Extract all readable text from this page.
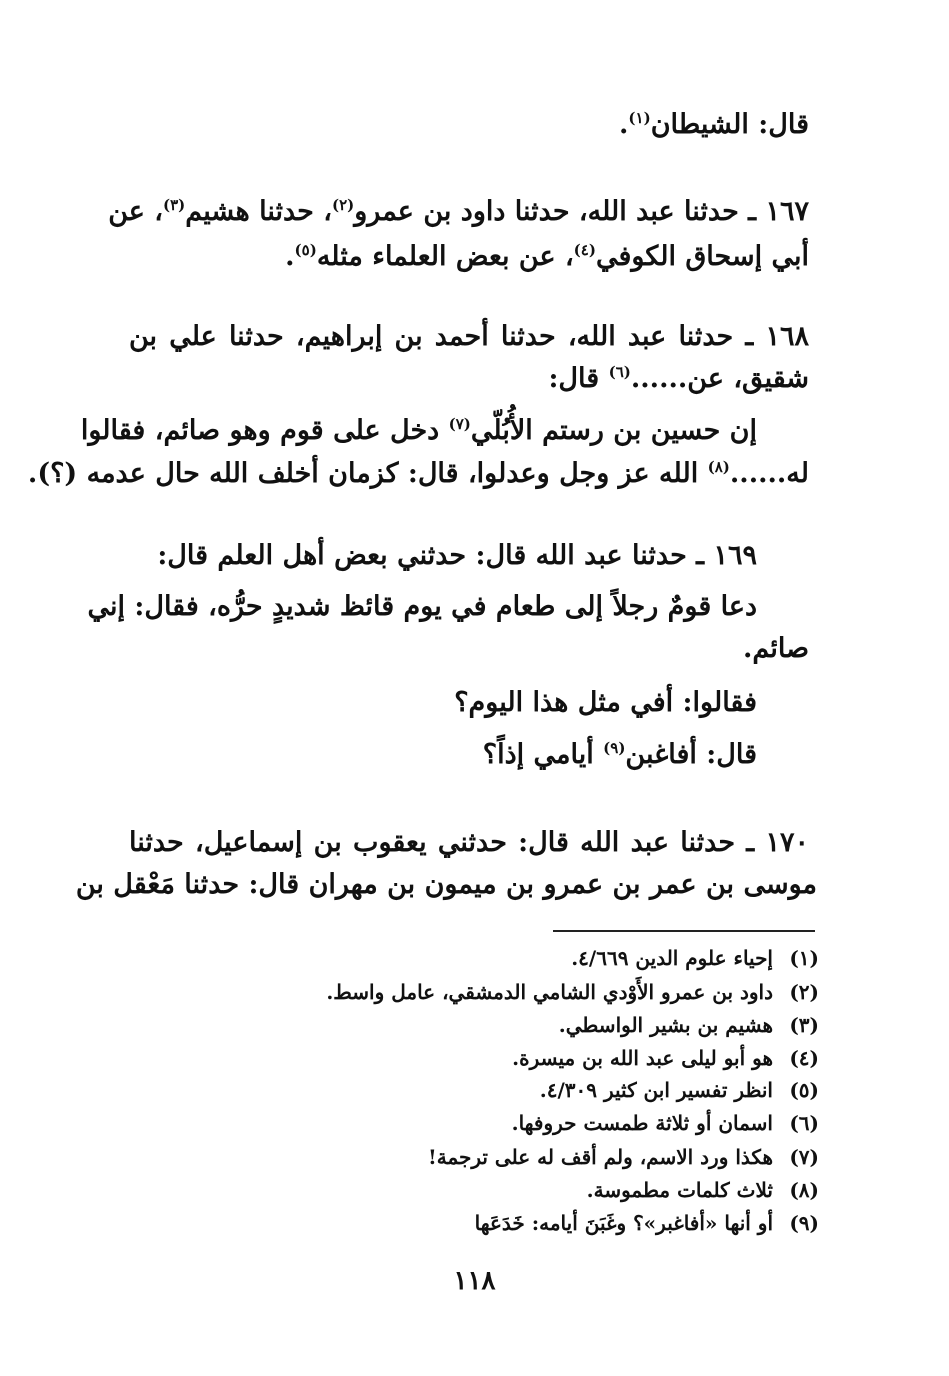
قال: الشيطان$^{(١)}$.
١٦٧ ـ حدثنا عبد الله، حدثنا داود بن عمرو$^{(٢)}$، حدثنا هشيم$^{(٣)}$، عن
أبي إسحاق الكوفي$^{(٤)}$، عن بعض العلماء مثله$^{(٥)}$.
١٦٨ ـ حدثنا عبد الله، حدثنا أحمد بن إبراهيم، حدثنا علي بن
شقيق، عن......$^{(٦)}$ قال:
إن حسين بن رستم الأُبُلّي$^{(٧)}$ دخل على قوم وهو صائم، فقالوا
له......$^{(٨)}$ الله عز وجل وعدلوا، قال: كزمان أخلف الله حال عدمه (؟).
١٦٩ ـ حدثنا عبد الله قال: حدثني بعض أهل العلم قال:
دعا قومٌ رجلاً إلى طعام في يوم قائظ شديدٍ حرُّه، فقال: إني
صائم.
فقالوا: أفي مثل هذا اليوم؟
قال: أفاغبن$^{(٩)}$ أيامي إذاً؟
١٧٠ ـ حدثنا عبد الله قال: حدثني يعقوب بن إسماعيل، حدثنا
موسى بن عمر بن عمرو بن ميمون بن مهران قال: حدثنا مَعْقل بن
(١)إحياء علوم الدين ٤/٦٦٩.
(٢)داود بن عمرو الأَوْدي الشامي الدمشقي، عامل واسط.
(٣)هشيم بن بشير الواسطي.
(٤)هو أبو ليلى عبد الله بن ميسرة.
(٥)انظر تفسير ابن كثير ٤/٣٠٩.
(٦)اسمان أو ثلاثة طمست حروفها.
(٧)هكذا ورد الاسم، ولم أقف له على ترجمة!
(٨)ثلاث كلمات مطموسة.
(٩)أو أنها «أفاغبر»؟ وغَبَنَ أيامه: خَدَعَها
١١٨
